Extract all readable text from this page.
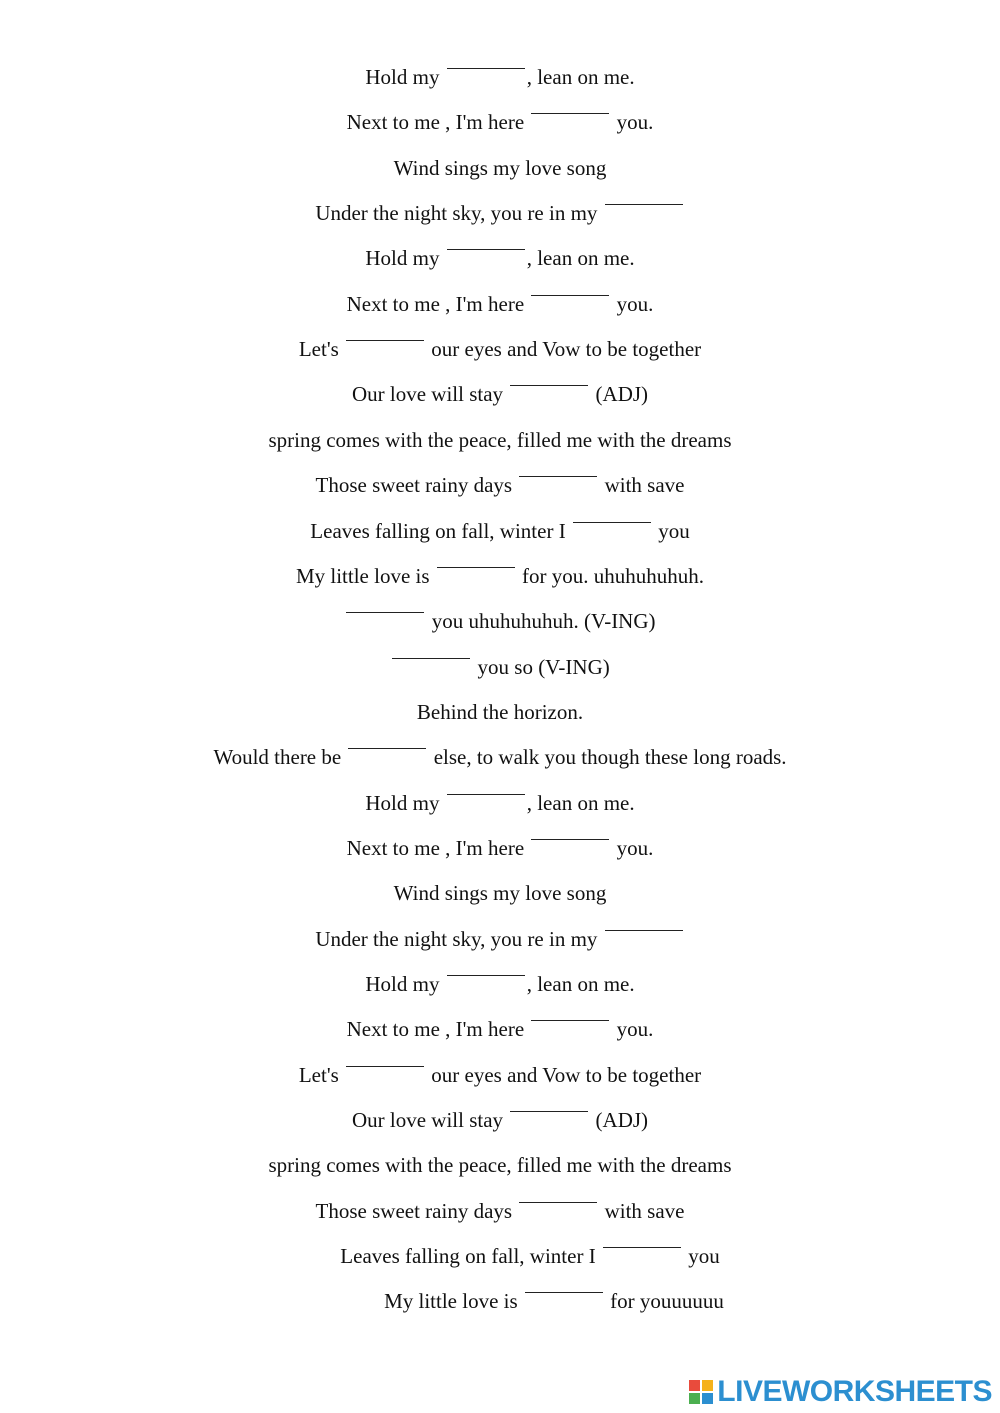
Hold my	, lean on me.
Next to me , I'm here	you.
Wind sings my love song
Under the night sky, you re in my
Hold my	, lean on me.
Next to me , I'm here	you.
Let's	our eyes and Vow to be together
Our love will stay	(ADJ)
spring comes with the peace, filled me with the dreams
Those sweet rainy days	with save
Leaves falling on fall, winter I	you
My little love is	for you. uhuhuhuhuh.
you uhuhuhuhuh. (V-ING)
you so (V-ING)
Behind the horizon.
Would there be	else, to walk you though these long roads.
Hold my	, lean on me.
Next to me , I'm here	you.
Wind sings my love song
Under the night sky, you re in my
Hold my	, lean on me.
Next to me , I'm here	you.
Let's	our eyes and Vow to be together
Our love will stay	(ADJ)
spring comes with the peace, filled me with the dreams
Those sweet rainy days	with save
Leaves falling on fall, winter I	you
My little love is	for youuuuuu
LIVEWORKSHEETS
